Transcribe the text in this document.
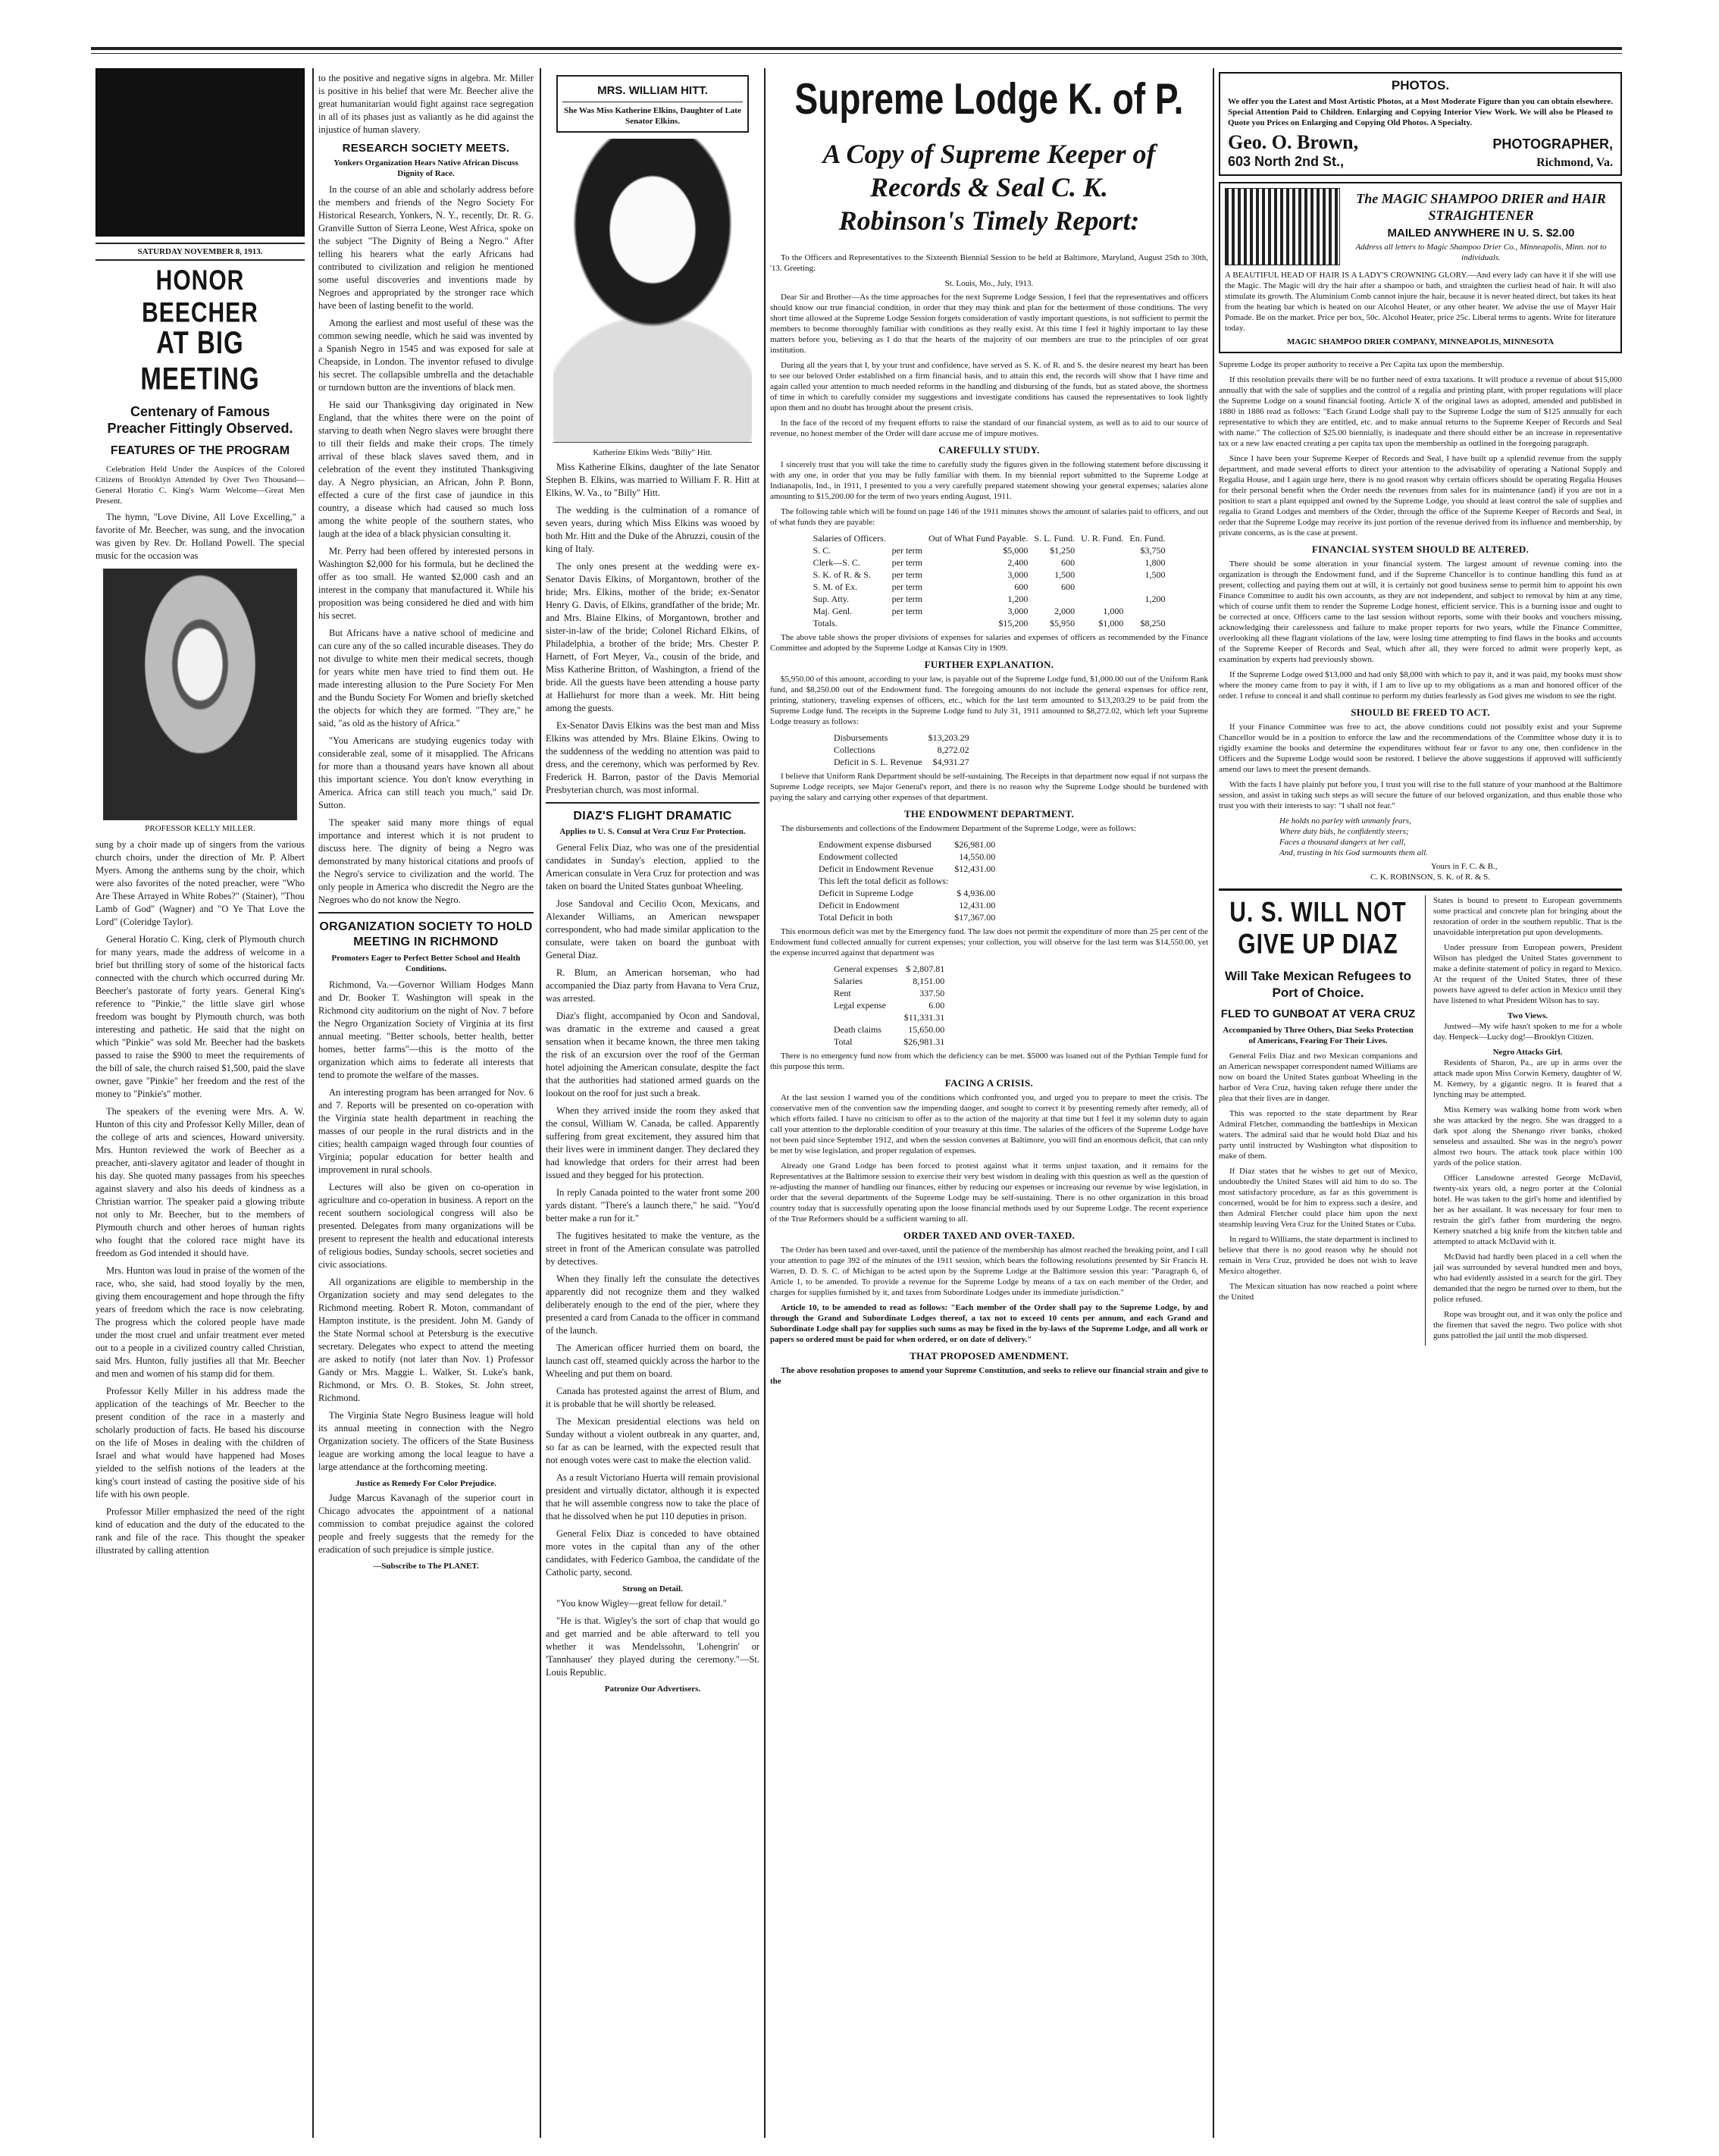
SATURDAY NOVEMBER 8, 1913.
HONOR BEECHER
AT BIG MEETING
Centenary of Famous Preacher Fittingly Observed.
FEATURES OF THE PROGRAM

Celebration Held Under the Auspices of the Colored Citizens of Brooklyn Attended by Over Two Thousand—General Horatio C. King's Warm Welcome—Great Men Present.

The hymn, "Love Divine, All Love Excelling," a favorite of Mr. Beecher, was sung, and the invocation was given by Rev. Dr. Holland Powell. The special music for the occasion was

PROFESSOR KELLY MILLER.

sung by a choir made up of singers from the various church choirs, under the direction of Mr. P. Albert Myers. Among the anthems sung by the choir, which were also favorites of the noted preacher, were "Who Are These Arrayed in White Robes?" (Stainer), "Thou Lamb of God" (Wagner) and "O Ye That Love the Lord" (Coleridge Taylor).

General Horatio C. King, clerk of Plymouth church for many years, made the address of welcome in a brief but thrilling story of some of the historical facts connected with the church which occurred during Mr. Beecher's pastorate of forty years. General King's reference to "Pinkie," the little slave girl whose freedom was bought by Plymouth church, was both interesting and pathetic. He said that the night on which "Pinkie" was sold Mr. Beecher had the baskets passed to raise the $900 to meet the requirements of the bill of sale, the church raised $1,500, paid the slave owner, gave "Pinkie" her freedom and the rest of the money to "Pinkie's" mother.

The speakers of the evening were Mrs. A. W. Hunton of this city and Professor Kelly Miller, dean of the college of arts and sciences, Howard university. Mrs. Hunton reviewed the work of Beecher as a preacher, anti-slavery agitator and leader of thought in his day. She quoted many passages from his speeches against slavery and also his deeds of kindness as a Christian warrior. The speaker paid a glowing tribute not only to Mr. Beecher, but to the members of Plymouth church and other heroes of human rights who fought that the colored race might have its freedom as God intended it should have.

Mrs. Hunton was loud in praise of the women of the race, who, she said, had stood loyally by the men, giving them encouragement and hope through the fifty years of freedom which the race is now celebrating. The progress which the colored people have made under the most cruel and unfair treatment ever meted out to a people in a civilized country called Christian, said Mrs. Hunton, fully justifies all that Mr. Beecher and men and women of his stamp did for them.

Professor Kelly Miller in his address made the application of the teachings of Mr. Beecher to the present condition of the race in a masterly and scholarly production of facts. He based his discourse on the life of Moses in dealing with the children of Israel and what would have happened had Moses yielded to the selfish notions of the leaders at the king's court instead of casting the positive side of his life with his own people.

Professor Miller emphasized the need of the right kind of education and the duty of the educated to the rank and file of the race. This thought the speaker illustrated by calling attention

to the positive and negative signs in algebra. Mr. Miller is positive in his belief that were Mr. Beecher alive the great humanitarian would fight against race segregation in all of its phases just as valiantly as he did against the injustice of human slavery.

RESEARCH SOCIETY MEETS.
Yonkers Organization Hears Native African Discuss Dignity of Race.

In the course of an able and scholarly address before the members and friends of the Negro Society For Historical Research, Yonkers, N. Y., recently, Dr. R. G. Granville Sutton of Sierra Leone, West Africa, spoke on the subject "The Dignity of Being a Negro." After telling his hearers what the early Africans had contributed to civilization and religion he mentioned some useful discoveries and inventions made by Negroes and appropriated by the stronger race which have been of lasting benefit to the world.

Among the earliest and most useful of these was the common sewing needle, which he said was invented by a Spanish Negro in 1545 and was exposed for sale at Cheapside, in London. The inventor refused to divulge his secret. The collapsible umbrella and the detachable or turndown button are the inventions of black men.

He said our Thanksgiving day originated in New England, that the whites there were on the point of starving to death when Negro slaves were brought there to till their fields and make their crops. The timely arrival of these black slaves saved them, and in celebration of the event they instituted Thanksgiving day. A Negro physician, an African, John P. Bonn, effected a cure of the first case of jaundice in this country, a disease which had caused so much loss among the white people of the southern states, who laugh at the idea of a black physician consulting it.

Mr. Perry had been offered by interested persons in Washington $2,000 for his formula, but he declined the offer as too small. He wanted $2,000 cash and an interest in the company that manufactured it. While his proposition was being considered he died and with him his secret.

But Africans have a native school of medicine and can cure any of the so called incurable diseases. They do not divulge to white men their medical secrets, though for years white men have tried to find them out. He made interesting allusion to the Pure Society For Men and the Bundu Society For Women and briefly sketched the objects for which they are formed. "They are," he said, "as old as the history of Africa."

"You Americans are studying eugenics today with considerable zeal, some of it misapplied. The Africans for more than a thousand years have known all about this important science. You don't know everything in America. Africa can still teach you much," said Dr. Sutton.

The speaker said many more things of equal importance and interest which it is not prudent to discuss here. The dignity of being a Negro was demonstrated by many historical citations and proofs of the Negro's service to civilization and the world. The only people in America who discredit the Negro are the Negroes who do not know the Negro.

ORGANIZATION SOCIETY TO HOLD MEETING IN RICHMOND
Promoters Eager to Perfect Better School and Health Conditions.

Richmond, Va.—Governor William Hodges Mann and Dr. Booker T. Washington will speak in the Richmond city auditorium on the night of Nov. 7 before the Negro Organization Society of Virginia at its first annual meeting. "Better schools, better health, better homes, better farms"—this is the motto of the organization which aims to federate all interests that tend to promote the welfare of the masses.

An interesting program has been arranged for Nov. 6 and 7. Reports will be presented on co-operation with the Virginia state health department in reaching the masses of our people in the rural districts and in the cities; health campaign waged through four counties of Virginia; popular education for better health and improvement in rural schools.

Lectures will also be given on co-operation in agriculture and co-operation in business. A report on the recent southern sociological congress will also be presented. Delegates from many organizations will be present to represent the health and educational interests of religious bodies, Sunday schools, secret societies and civic associations.

All organizations are eligible to membership in the Organization society and may send delegates to the Richmond meeting. Robert R. Moton, commandant of Hampton institute, is the president. John M. Gandy of the State Normal school at Petersburg is the executive secretary. Delegates who expect to attend the meeting are asked to notify (not later than Nov. 1) Professor Gandy or Mrs. Maggie L. Walker, St. Luke's bank, Richmond, or Mrs. O. B. Stokes, St. John street, Richmond.

The Virginia State Negro Business league will hold its annual meeting in connection with the Negro Organization society. The officers of the State Business league are working among the local league to have a large attendance at the forthcoming meeting.

Justice as Remedy For Color Prejudice.

Judge Marcus Kavanagh of the superior court in Chicago advocates the appointment of a national commission to combat prejudice against the colored people and freely suggests that the remedy for the eradication of such prejudice is simple justice.

—Subscribe to The PLANET.
MRS. WILLIAM HITT.
She Was Miss Katherine Elkins, Daughter of Late Senator Elkins.
Katherine Elkins Weds "Billy" Hitt.

Miss Katherine Elkins, daughter of the late Senator Stephen B. Elkins, was married to William F. R. Hitt at Elkins, W. Va., to "Billy" Hitt.

The wedding is the culmination of a romance of seven years, during which Miss Elkins was wooed by both Mr. Hitt and the Duke of the Abruzzi, cousin of the king of Italy.

The only ones present at the wedding were ex-Senator Davis Elkins, of Morgantown, brother of the bride; Mrs. Elkins, mother of the bride; ex-Senator Henry G. Davis, of Elkins, grandfather of the bride; Mr. and Mrs. Blaine Elkins, of Morgantown, brother and sister-in-law of the bride; Colonel Richard Elkins, of Philadelphia, a brother of the bride; Mrs. Chester P. Harnett, of Fort Meyer, Va., cousin of the bride, and Miss Katherine Britton, of Washington, a friend of the bride. All the guests have been attending a house party at Halliehurst for more than a week. Mr. Hitt being among the guests.

Ex-Senator Davis Elkins was the best man and Miss Elkins was attended by Mrs. Blaine Elkins. Owing to the suddenness of the wedding no attention was paid to dress, and the ceremony, which was performed by Rev. Frederick H. Barron, pastor of the Davis Memorial Presbyterian church, was most informal.

DIAZ'S FLIGHT DRAMATIC
Applies to U. S. Consul at Vera Cruz For Protection.

General Felix Diaz, who was one of the presidential candidates in Sunday's election, applied to the American consulate in Vera Cruz for protection and was taken on board the United States gunboat Wheeling.

Jose Sandoval and Cecilio Ocon, Mexicans, and Alexander Williams, an American newspaper correspondent, who had made similar application to the consulate, were taken on board the gunboat with General Diaz.

R. Blum, an American horseman, who had accompanied the Diaz party from Havana to Vera Cruz, was arrested.

Diaz's flight, accompanied by Ocon and Sandoval, was dramatic in the extreme and caused a great sensation when it became known, the three men taking the risk of an excursion over the roof of the German hotel adjoining the American consulate, despite the fact that the authorities had stationed armed guards on the lookout on the roof for just such a break.

When they arrived inside the room they asked that the consul, William W. Canada, be called. Apparently suffering from great excitement, they assured him that their lives were in imminent danger. They declared they had knowledge that orders for their arrest had been issued and they begged for his protection.

In reply Canada pointed to the water front some 200 yards distant. "There's a launch there," he said. "You'd better make a run for it."

The fugitives hesitated to make the venture, as the street in front of the American consulate was patrolled by detectives.

When they finally left the consulate the detectives apparently did not recognize them and they walked deliberately enough to the end of the pier, where they presented a card from Canada to the officer in command of the launch.

The American officer hurried them on board, the launch cast off, steamed quickly across the harbor to the Wheeling and put them on board.

Canada has protested against the arrest of Blum, and it is probable that he will shortly be released.

The Mexican presidential elections was held on Sunday without a violent outbreak in any quarter, and, so far as can be learned, with the expected result that not enough votes were cast to make the election valid.

As a result Victoriano Huerta will remain provisional president and virtually dictator, although it is expected that he will assemble congress now to take the place of that he dissolved when he put 110 deputies in prison.

General Felix Diaz is conceded to have obtained more votes in the capital than any of the other candidates, with Federico Gamboa, the candidate of the Catholic party, second.

Strong on Detail.

"You know Wigley—great fellow for detail."

"He is that. Wigley's the sort of chap that would go and get married and be able afterward to tell you whether it was Mendelssohn, 'Lohengrin' or 'Tannhauser' they played during the ceremony."—St. Louis Republic.

Patronize Our Advertisers.
Supreme Lodge K. of P.
A Copy of Supreme Keeper of Records & Seal C. K. Robinson's Timely Report:

To the Officers and Representatives to the Sixteenth Biennial Session to be held at Baltimore, Maryland, August 25th to 30th, '13. Greeting:

St. Louis, Mo., July, 1913.

Dear Sir and Brother—As the time approaches for the next Supreme Lodge Session, I feel that the representatives and officers should know our true financial condition, in order that they may think and plan for the betterment of those conditions. The very short time allowed at the Supreme Lodge Session forgets consideration of vastly important questions, is not sufficient to permit the members to become thoroughly familiar with conditions as they really exist. At this time I feel it highly important to lay these matters before you, believing as I do that the hearts of the majority of our members are true to the principles of our great institution.

During all the years that I, by your trust and confidence, have served as S. K. of R. and S. the desire nearest my heart has been to see our beloved Order established on a firm financial basis, and to attain this end, the records will show that I have time and again called your attention to much needed reforms in the handling and disbursing of the funds, but as stated above, the shortness of time in which to carefully consider my suggestions and investigate conditions has caused the representatives to look lightly upon them and no doubt has brought about the present crisis.

In the face of the record of my frequent efforts to raise the standard of our financial system, as well as to aid to our source of revenue, no honest member of the Order will dare accuse me of impure motives.

CAREFULLY STUDY.

I sincerely trust that you will take the time to carefully study the figures given in the following statement before discussing it with any one, in order that you may be fully familiar with them. In my biennial report submitted to the Supreme Lodge at Indianapolis, Ind., in 1911, I presented to you a very carefully prepared statement showing your general expenses; salaries alone amounting to $15,200.00 for the term of two years ending August, 1911.

The following table which will be found on page 146 of the 1911 minutes shows the amount of salaries paid to officers, and out of what funds they are payable:

Salaries of Officers.		Out of What Fund Payable.	S. L. Fund.	U. R. Fund.	En. Fund.
S. C.	per term	$5,000	$1,250		$3,750
Clerk—S. C.	per term	2,400	600		1,800
S. K. of R. & S.	per term	3,000	1,500		1,500
S. M. of Ex.	per term	600	600		
Sup. Atty.	per term	1,200			1,200
Maj. Genl.	per term	3,000	2,000	1,000	
Totals.		$15,200	$5,950	$1,000	$8,250

The above table shows the proper divisions of expenses for salaries and expenses of officers as recommended by the Finance Committee and adopted by the Supreme Lodge at Kansas City in 1909.

FURTHER EXPLANATION.

$5,950.00 of this amount, according to your law, is payable out of the Supreme Lodge fund, $1,000.00 out of the Uniform Rank fund, and $8,250.00 out of the Endowment fund. The foregoing amounts do not include the general expenses for office rent, printing, stationery, traveling expenses of officers, etc., which for the last term amounted to $13,203.29 to be paid from the Supreme Lodge fund. The receipts in the Supreme Lodge fund to July 31, 1911 amounted to $8,272.02, which left your Supreme Lodge treasury as follows:

Disbursements	$13,203.29
Collections	8,272.02
Deficit in S. L. Revenue	$4,931.27

I believe that Uniform Rank Department should be self-sustaining. The Receipts in that department now equal if not surpass the Supreme Lodge receipts, see Major General's report, and there is no reason why the Supreme Lodge should be burdened with paying the salary and carrying other expenses of that department.

THE ENDOWMENT DEPARTMENT.

The disbursements and collections of the Endowment Department of the Supreme Lodge, were as follows:

Endowment expense disbursed	$26,981.00
Endowment collected	14,550.00
Deficit in Endowment Revenue	$12,431.00
This left the total deficit as follows:	
Deficit in Supreme Lodge	$ 4,936.00
Deficit in Endowment	12,431.00
Total Deficit in both	$17,367.00

This enormous deficit was met by the Emergency fund. The law does not permit the expenditure of more than 25 per cent of the Endowment fund collected annually for current expenses; your collection, you will observe for the last term was $14,550.00, yet the expense incurred against that department was

General expenses	$ 2,807.81
Salaries	8,151.00
Rent	337.50
Legal expense	6.00
	$11,331.31
Death claims	15,650.00
Total	$26,981.31

There is no emergency fund now from which the deficiency can be met. $5000 was loaned out of the Pythian Temple fund for this purpose this term.

FACING A CRISIS.

At the last session I warned you of the conditions which confronted you, and urged you to prepare to meet the crisis. The conservative men of the convention saw the impending danger, and sought to correct it by presenting remedy after remedy, all of which efforts failed. I have no criticism to offer as to the action of the majority at that time but I feel it my solemn duty to again call your attention to the deplorable condition of your treasury at this time. The salaries of the officers of the Supreme Lodge have not been paid since September 1912, and when the session convenes at Baltimore, you will find an enormous deficit, that can only be met by wise legislation, and proper regulation of expenses.

Already one Grand Lodge has been forced to protest against what it terms unjust taxation, and it remains for the Representatives at the Baltimore session to exercise their very best wisdom in dealing with this question as well as the question of re-adjusting the manner of handling our finances, either by reducing our expenses or increasing our revenue by wise legislation, in order that the several departments of the Supreme Lodge may be self-sustaining. There is no other organization in this broad country today that is successfully operating upon the loose financial methods used by our Supreme Lodge. The recent experience of the True Reformers should be a sufficient warning to all.

ORDER TAXED AND OVER-TAXED.

The Order has been taxed and over-taxed, until the patience of the membership has almost reached the breaking point, and I call your attention to page 392 of the minutes of the 1911 session, which bears the following resolutions presented by Sir Francis H. Warren, D. D. S. C. of Michigan to be acted upon by the Supreme Lodge at the Baltimore session this year: "Paragraph 6, of Article 1, to be amended. To provide a revenue for the Supreme Lodge by means of a tax on each member of the Order, and charges for supplies furnished by it, and taxes from Subordinate Lodges under its immediate jurisdiction."

Article 10, to be amended to read as follows: "Each member of the Order shall pay to the Supreme Lodge, by and through the Grand and Subordinate Lodges thereof, a tax not to exceed 10 cents per annum, and each Grand and Subordinate Lodge shall pay for supplies such sums as may be fixed in the by-laws of the Supreme Lodge, and all work or papers so ordered must be paid for when ordered, or on date of delivery."

THAT PROPOSED AMENDMENT.

The above resolution proposes to amend your Supreme Constitution, and seeks to relieve our financial strain and give to the

PHOTOS.

We offer you the Latest and Most Artistic Photos, at a Most Moderate Figure than you can obtain elsewhere. Special Attention Paid to Children. Enlarging and Copying Interior View Work. We will also be Pleased to Quote you Prices on Enlarging and Copying Old Photos. A Specialty.

Geo. O. Brown,	PHOTOGRAPHER,
603 North 2nd St.,	Richmond, Va.
The MAGIC SHAMPOO DRIER and HAIR STRAIGHTENER
MAILED ANYWHERE IN U. S. $2.00
Address all letters to Magic Shampoo Drier Co., Minneapolis, Minn. not to individuals.

A BEAUTIFUL HEAD OF HAIR IS A LADY'S CROWNING GLORY.—And every lady can have it if she will use the Magic. The Magic will dry the hair after a shampoo or bath, and straighten the curliest head of hair. It will also stimulate its growth. The Aluminium Comb cannot injure the hair, because it is never heated direct, but takes its heat from the heating bar which is heated on our Alcohol Heater, or any other heater. We advise the use of Mayer Hair Pomade. Be on the market. Price per box, 50c. Alcohol Heater, price 25c. Liberal terms to agents. Write for literature today.

MAGIC SHAMPOO DRIER COMPANY, MINNEAPOLIS, MINNESOTA

Supreme Lodge its proper authority to receive a Per Capita tax upon the membership.

If this resolution prevails there will be no further need of extra taxations. It will produce a revenue of about $15,000 annually that with the sale of supplies and the control of a regalia and printing plant, with proper regulations will place the Supreme Lodge on a sound financial footing. Article X of the original laws as adopted, amended and published in 1880 in 1886 read as follows: "Each Grand Lodge shall pay to the Supreme Lodge the sum of $125 annually for each representative to which they are entitled, etc. and to make annual returns to the Supreme Keeper of Records and Seal with name." The collection of $25.00 biennially, is inadequate and there should either be an increase in representative tax or a new law enacted creating a per capita tax upon the membership as outlined in the foregoing paragraph.

Since I have been your Supreme Keeper of Records and Seal, I have built up a splendid revenue from the supply department, and made several efforts to direct your attention to the advisability of operating a National Supply and Regalia House, and I again urge here, there is no good reason why certain officers should be operating Regalia Houses for their personal benefit when the Order needs the revenues from sales for its maintenance (and) if you are not in a position to start a plant equipped and owned by the Supreme Lodge, you should at least control the sale of supplies and regalia to Grand Lodges and members of the Order, through the office of the Supreme Keeper of Records and Seal, in order that the Supreme Lodge may receive its just portion of the revenue derived from its influence and membership, by private concerns, as is the case at present.

FINANCIAL SYSTEM SHOULD BE ALTERED.

There should be some alteration in your financial system. The largest amount of revenue coming into the organization is through the Endowment fund, and if the Supreme Chancellor is to continue handling this fund as at present, collecting and paying them out at will, it is certainly not good business sense to permit him to appoint his own Finance Committee to audit his own accounts, as they are not independent, and subject to removal by him at any time, which of course unfit them to render the Supreme Lodge honest, efficient service. This is a burning issue and ought to be corrected at once. Officers came to the last session without reports, some with their books and vouchers missing, acknowledging their carelessness and failure to make proper reports for two years, while the Finance Committee, overlooking all these flagrant violations of the law, were losing time attempting to find flaws in the books and accounts of the Supreme Keeper of Records and Seal, which after all, they were forced to admit were properly kept, as examination by experts had previously shown.

If the Supreme Lodge owed $13,000 and had only $8,000 with which to pay it, and it was paid, my books must show where the money came from to pay it with, if I am to live up to my obligations as a man and honored officer of the order. I refuse to conceal it and shall continue to perform my duties fearlessly as God gives me wisdom to see the right.

SHOULD BE FREED TO ACT.

If your Finance Committee was free to act, the above conditions could not possibly exist and your Supreme Chancellor would be in a position to enforce the law and the recommendations of the Committee whose duty it is to rigidly examine the books and determine the expenditures without fear or favor to any one, then confidence in the Officers and the Supreme Lodge would soon be restored. I believe the above suggestions if approved will sufficiently amend our laws to meet the present demands.

With the facts I have plainly put before you, I trust you will rise to the full stature of your manhood at the Baltimore session, and assist in taking such steps as will secure the future of our beloved organization, and thus enable those who trust you with their interests to say: "I shall not fear."

He holds no parley with unmanly fears,
Where duty bids, he confidently steers;
Faces a thousand dangers at her call,
And, trusting in his God surmounts them all.
Yours in F. C. & B.,
C. K. ROBINSON, S. K. of R. & S.
U. S. WILL NOT
GIVE UP DIAZ
Will Take Mexican Refugees to Port of Choice.
FLED TO GUNBOAT AT VERA CRUZ

Accompanied by Three Others, Diaz Seeks Protection of Americans, Fearing For Their Lives.

General Felix Diaz and two Mexican companions and an American newspaper correspondent named Williams are now on board the United States gunboat Wheeling in the harbor of Vera Cruz, having taken refuge there under the plea that their lives are in danger.

This was reported to the state department by Rear Admiral Fletcher, commanding the battleships in Mexican waters. The admiral said that he would hold Diaz and his party until instructed by Washington what disposition to make of them.

If Diaz states that he wishes to get out of Mexico, undoubtedly the United States will aid him to do so. The most satisfactory procedure, as far as this government is concerned, would be for him to express such a desire, and then Admiral Fletcher could place him upon the next steamship leaving Vera Cruz for the United States or Cuba.

In regard to Williams, the state department is inclined to believe that there is no good reason why he should not remain in Vera Cruz, provided he does not wish to leave Mexico altogether.

The Mexican situation has now reached a point where the United

States is bound to present to European governments some practical and concrete plan for bringing about the restoration of order in the southern republic. That is the unavoidable interpretation put upon developments.

Under pressure from European powers, President Wilson has pledged the United States government to make a definite statement of policy in regard to Mexico. At the request of the United States, three of these powers have agreed to defer action in Mexico until they have listened to what President Wilson has to say.

Two Views.

Justwed—My wife hasn't spoken to me for a whole day. Henpeck—Lucky dog!—Brooklyn Citizen.

Negro Attacks Girl.

Residents of Sharon, Pa., are up in arms over the attack made upon Miss Corwin Kemery, daughter of W. M. Kemery, by a gigantic negro. It is feared that a lynching may be attempted.

Miss Kemery was walking home from work when she was attacked by the negro. She was dragged to a dark spot along the Shenango river banks, choked senseless and assaulted. She was in the negro's power almost two hours. The attack took place within 100 yards of the police station.

Officer Lansdowne arrested George McDavid, twenty-six years old, a negro porter at the Colonial hotel. He was taken to the girl's home and identified by her as her assailant. It was necessary for four men to restrain the girl's father from murdering the negro. Kemery snatched a big knife from the kitchen table and attempted to attack McDavid with it.

McDavid had hardly been placed in a cell when the jail was surrounded by several hundred men and boys, who had evidently assisted in a search for the girl. They demanded that the negro be turned over to them, but the police refused.

Rope was brought out, and it was only the police and the firemen that saved the negro. Two police with shot guns patrolled the jail until the mob dispersed.
